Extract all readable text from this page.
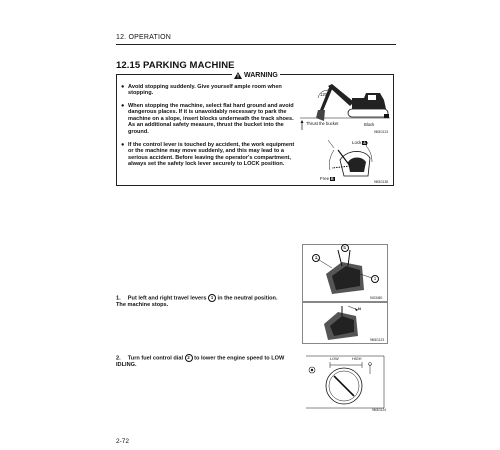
12. OPERATION
12.15 PARKING MACHINE
WARNING
● Avoid stopping suddenly. Give yourself ample room when stopping.
● When stopping the machine, select flat hard ground and avoid dangerous places. If it is unavoidably necessary to park the machine on a slope, insert blocks underneath the track shoes. As an additional safety measure, thrust the bucket into the ground.
● If the control lever is touched by accident, the work equipment or the machine may move suddenly, and this may lead to a serious accident. Before leaving the operator's compartment, always set the safety lock lever securely to LOCK position.
120°
Thrust the bucket	Block
9M3G123
Lock A
Free B
9M3G138
1. Put left and right travel levers 1 in the neutral position. The machine stops.
1
2
1
9J03450
N
9M3G123
2. Turn fuel control dial 2 to lower the engine speed to LOW IDLING.
LOW	HIGH
9M3G124
2-72
